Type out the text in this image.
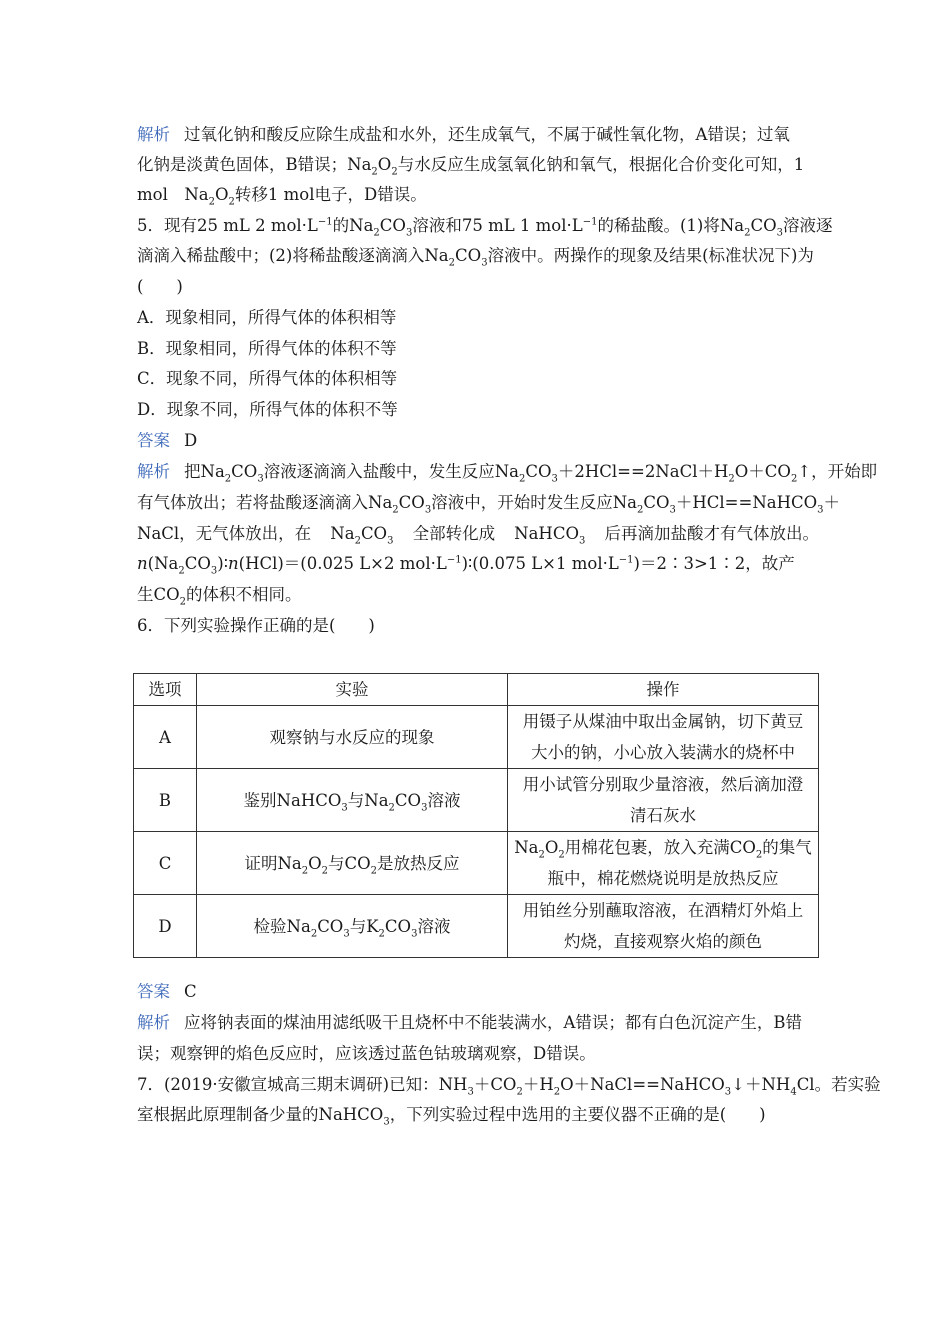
解析 过氧化钠和酸反应除生成盐和水外，还生成氧气，不属于碱性氧化物，A错误；过氧
化钠是淡黄色固体，B错误；$Na_2O_2$与水反应生成氢氧化钠和氧气，根据化合价变化可知，1
mol　$Na_2O_2$转移1 mol电子，D错误。
5．现有25 mL 2 $mol\cdot L^{-1}$的$Na_2CO_3$溶液和75 mL 1 $mol\cdot L^{-1}$的稀盐酸。(1)将$Na_2CO_3$溶液逐
滴滴入稀盐酸中；(2)将稀盐酸逐滴滴入$Na_2CO_3$溶液中。两操作的现象及结果(标准状况下)为
(　　)
A．现象相同，所得气体的体积相等
B．现象相同，所得气体的体积不等
C．现象不同，所得气体的体积相等
D．现象不同，所得气体的体积不等
答案 D
解析 把$Na_2CO_3$溶液逐滴滴入盐酸中，发生反应$Na_2CO_3+2HCl==2NaCl+H_2O+CO_2↑$，开始即
有气体放出；若将盐酸逐滴滴入$Na_2CO_3$溶液中，开始时发生反应$Na_2CO_3+HCl==NaHCO_3+$
NaCl，无气体放出，在 $Na_2CO_3$ 全部转化成 NaHCO$_3$ 后再滴加盐酸才有气体放出。
$n(Na_2CO_3)∶n(HCl)=(0.025$ L×2 $mol\cdot L^{-1})∶(0.075$ L×1 $mol\cdot L^{-1})=2∶3>1∶2$，故产
生$CO_2$的体积不相同。
6．下列实验操作正确的是(　　)
选项	实验	操作
A	观察钠与水反应的现象	用镊子从煤油中取出金属钠，切下黄豆
大小的钠，小心放入装满水的烧杯中

B	鉴别NaHCO$_3$与$Na_2CO_3$溶液	用小试管分别取少量溶液，然后滴加澄
清石灰水

C	证明$Na_2O_2$与$CO_2$是放热反应	$Na_2O_2$用棉花包裹，放入充满$CO_2$的集气
瓶中，棉花燃烧说明是放热反应

D	检验$Na_2CO_3$与$K_2CO_3$溶液	用铂丝分别蘸取溶液，在酒精灯外焰上
灼烧，直接观察火焰的颜色
答案 C
解析 应将钠表面的煤油用滤纸吸干且烧杯中不能装满水，A错误；都有白色沉淀产生，B错
误；观察钾的焰色反应时，应该透过蓝色钴玻璃观察，D错误。
7．(2019·安徽宣城高三期末调研)已知：$NH_3+CO_2+H_2O+NaCl==NaHCO_3↓+NH_4Cl$。若实验
室根据此原理制备少量的NaHCO$_3$，下列实验过程中选用的主要仪器不正确的是(　　)
